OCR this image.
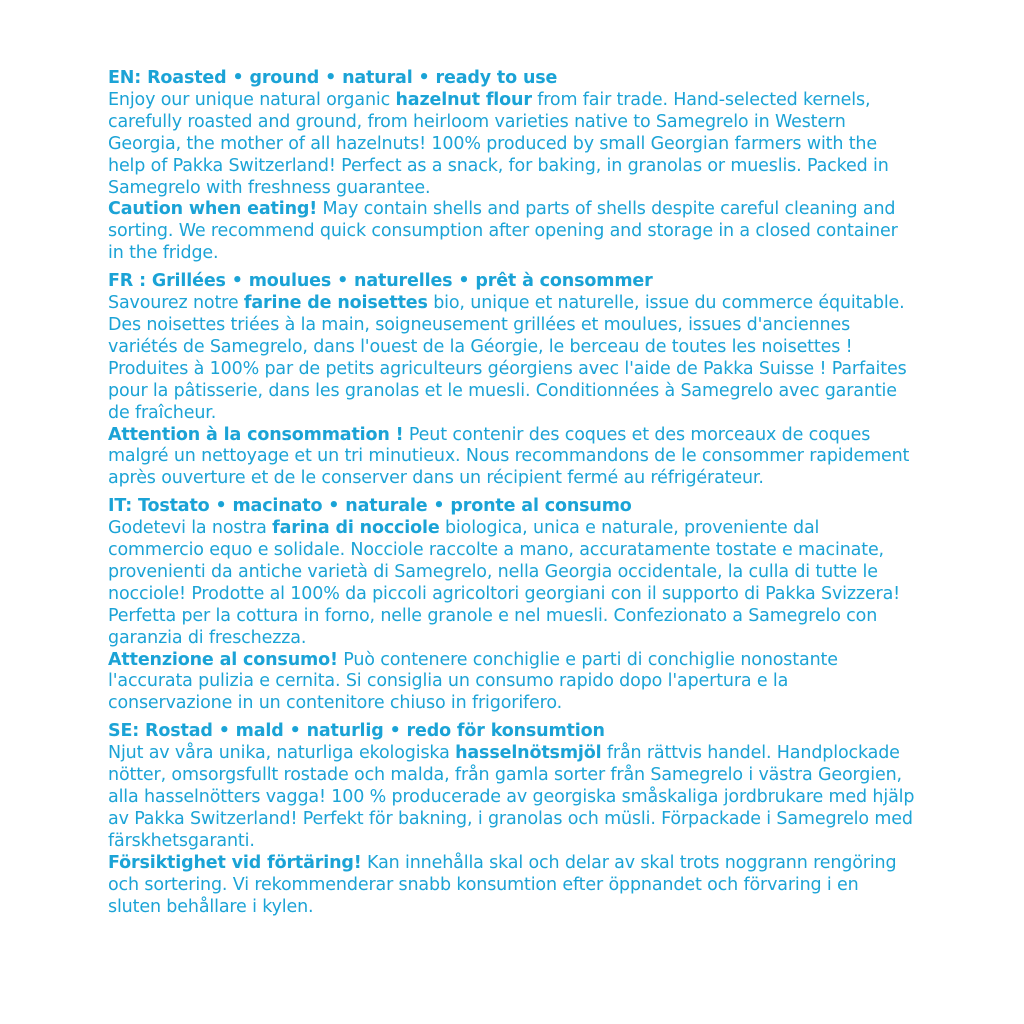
EN: Roasted • ground • natural • ready to use

Enjoy our unique natural organic hazelnut flour from fair trade. Hand-selected kernels, carefully roasted and ground, from heirloom varieties native to Samegrelo in Western Georgia, the mother of all hazelnuts! 100% produced by small Georgian farmers with the help of Pakka Switzerland! Perfect as a snack, for baking, in granolas or mueslis. Packed in Samegrelo with freshness guarantee.

Caution when eating! May contain shells and parts of shells despite careful cleaning and sorting. We recommend quick consumption after opening and storage in a closed container in the fridge.

FR : Grillées • moulues • naturelles • prêt à consommer

Savourez notre farine de noisettes bio, unique et naturelle, issue du commerce équitable. Des noisettes triées à la main, soigneusement grillées et moulues, issues d'anciennes variétés de Samegrelo, dans l'ouest de la Géorgie, le berceau de toutes les noisettes ! Produites à 100% par de petits agriculteurs géorgiens avec l'aide de Pakka Suisse ! Parfaites pour la pâtisserie, dans les granolas et le muesli. Conditionnées à Samegrelo avec garantie de fraîcheur.

Attention à la consommation ! Peut contenir des coques et des morceaux de coques malgré un nettoyage et un tri minutieux. Nous recommandons de le consommer rapidement après ouverture et de le conserver dans un récipient fermé au réfrigérateur.

IT: Tostato • macinato • naturale • pronte al consumo

Godetevi la nostra farina di nocciole biologica, unica e naturale, proveniente dal commercio equo e solidale. Nocciole raccolte a mano, accuratamente tostate e macinate, provenienti da antiche varietà di Samegrelo, nella Georgia occidentale, la culla di tutte le nocciole! Prodotte al 100% da piccoli agricoltori georgiani con il supporto di Pakka Svizzera! Perfetta per la cottura in forno, nelle granole e nel muesli. Confezionato a Samegrelo con garanzia di freschezza.

Attenzione al consumo! Può contenere conchiglie e parti di conchiglie nonostante l'accurata pulizia e cernita. Si consiglia un consumo rapido dopo l'apertura e la conservazione in un contenitore chiuso in frigorifero.

SE: Rostad • mald • naturlig • redo för konsumtion

Njut av våra unika, naturliga ekologiska hasselnötsmjöl från rättvis handel. Handplockade nötter, omsorgsfullt rostade och malda, från gamla sorter från Samegrelo i västra Georgien, alla hasselnötters vagga! 100 % producerade av georgiska småskaliga jordbrukare med hjälp av Pakka Switzerland! Perfekt för bakning, i granolas och müsli. Förpackade i Samegrelo med färskhetsgaranti.

Försiktighet vid förtäring! Kan innehålla skal och delar av skal trots noggrann rengöring och sortering. Vi rekommenderar snabb konsumtion efter öppnandet och förvaring i en sluten behållare i kylen.
